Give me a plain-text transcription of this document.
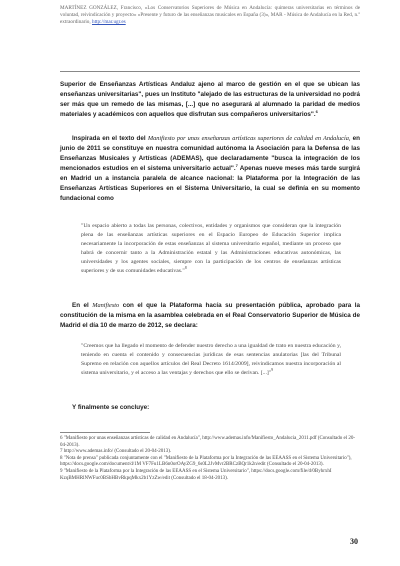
MARTÍNEZ GONZÁLEZ, Francisco, «Los Conservatorios Superiores de Música en Andalucía: quimeras universitarias en términos de voluntad, reivindicación y proyecto» «Presente y futuro de las enseñanzas musicales en España (3)», MAR - Música de Andalucía en la Red, n.º extraordinario, http://mar.ugr.es
Superior de Enseñanzas Artísticas Andaluz ajeno al marco de gestión en el que se ubican las enseñanzas universitarias", pues un Instituto "alejado de las estructuras de la universidad no podrá ser más que un remedo de las mismas, [...] que no asegurará al alumnado la paridad de medios materiales y académicos con aquellos que disfrutan sus compañeros universitarios".$^6$
Inspirada en el texto del Manifiesto por unas enseñanzas artísticas superiores de calidad en Andalucía, en junio de 2011 se constituye en nuestra comunidad autónoma la Asociación para la Defensa de las Enseñanzas Musicales y Artísticas (ADEMAS), que declaradamente "busca la integración de los mencionados estudios en el sistema universitario actual".$^7$ Apenas nueve meses más tarde surgirá en Madrid un a instancia paralela de alcance nacional: la Plataforma por la Integración de las Enseñanzas Artísticas Superiores en el Sistema Universitario, la cual se definía en su momento fundacional como
"Un espacio abierto a todas las personas, colectivos, entidades y organismos que consideran que la integración plena de las enseñanzas artísticas superiores en el Espacio Europeo de Educación Superior implica necesariamente la incorporación de estas enseñanzas al sistema universitario español, mediante un proceso que habrá de concernir tanto a la Administración estatal y las Administraciones educativas autonómicas, las universidades y los agentes sociales, siempre con la participación de los centros de enseñanzas artísticas superiores y de sus comunidades educativas."$^8$
En el Manifiesto con el que la Plataforma hacía su presentación pública, aprobado para la constitución de la misma en la asamblea celebrada en el Real Conservatorio Superior de Música de Madrid el día 10 de marzo de 2012, se declara:
"Creemos que ha llegado el momento de defender nuestro derecho a una igualdad de trato en nuestra educación y, teniendo en cuenta el contenido y consecuencias jurídicas de esas sentencias anulatorias [las del Tribunal Supremo en relación con aquellos artículos del Real Decreto 1614/2009], reivindicamos nuestra incorporación al sistema universitario, y el acceso a las ventajas y derechos que ello se derivan. [...]"$^9$
Y finalmente se concluye:

6 "Manifiesto por unas enseñanzas artísticas de calidad en Andalucía", http://www.ademas.info/Manifiesto_Andalucia_2011.pdf (Consultado el 20-04-2013).

7 http://www.ademas.info/ (Consultado el 20-04-2013).

8 "Nota de prensa" publicada conjuntamente con el "Manifiesto de la Plataforma por la Integración de las EEAASS en el Sistema Universitario"), https://docs.google.com/document/d/1M VF7Fu1LB6n0orOAyZG9_6s0L2JvMvr2BRCzBQr1k2n/edit (Consultado el 20-04-2013).

9 "Manifiesto de la Plataforma por la Integración de las EEAASS en el Sistema Universitario", https://docs.google.com/file/d/0ByhrxhI KzqBMHRlNWFuc0BSbHBvRkpqMkx2b1YzZw/edit (Consultado el 18-04-2013).

30
